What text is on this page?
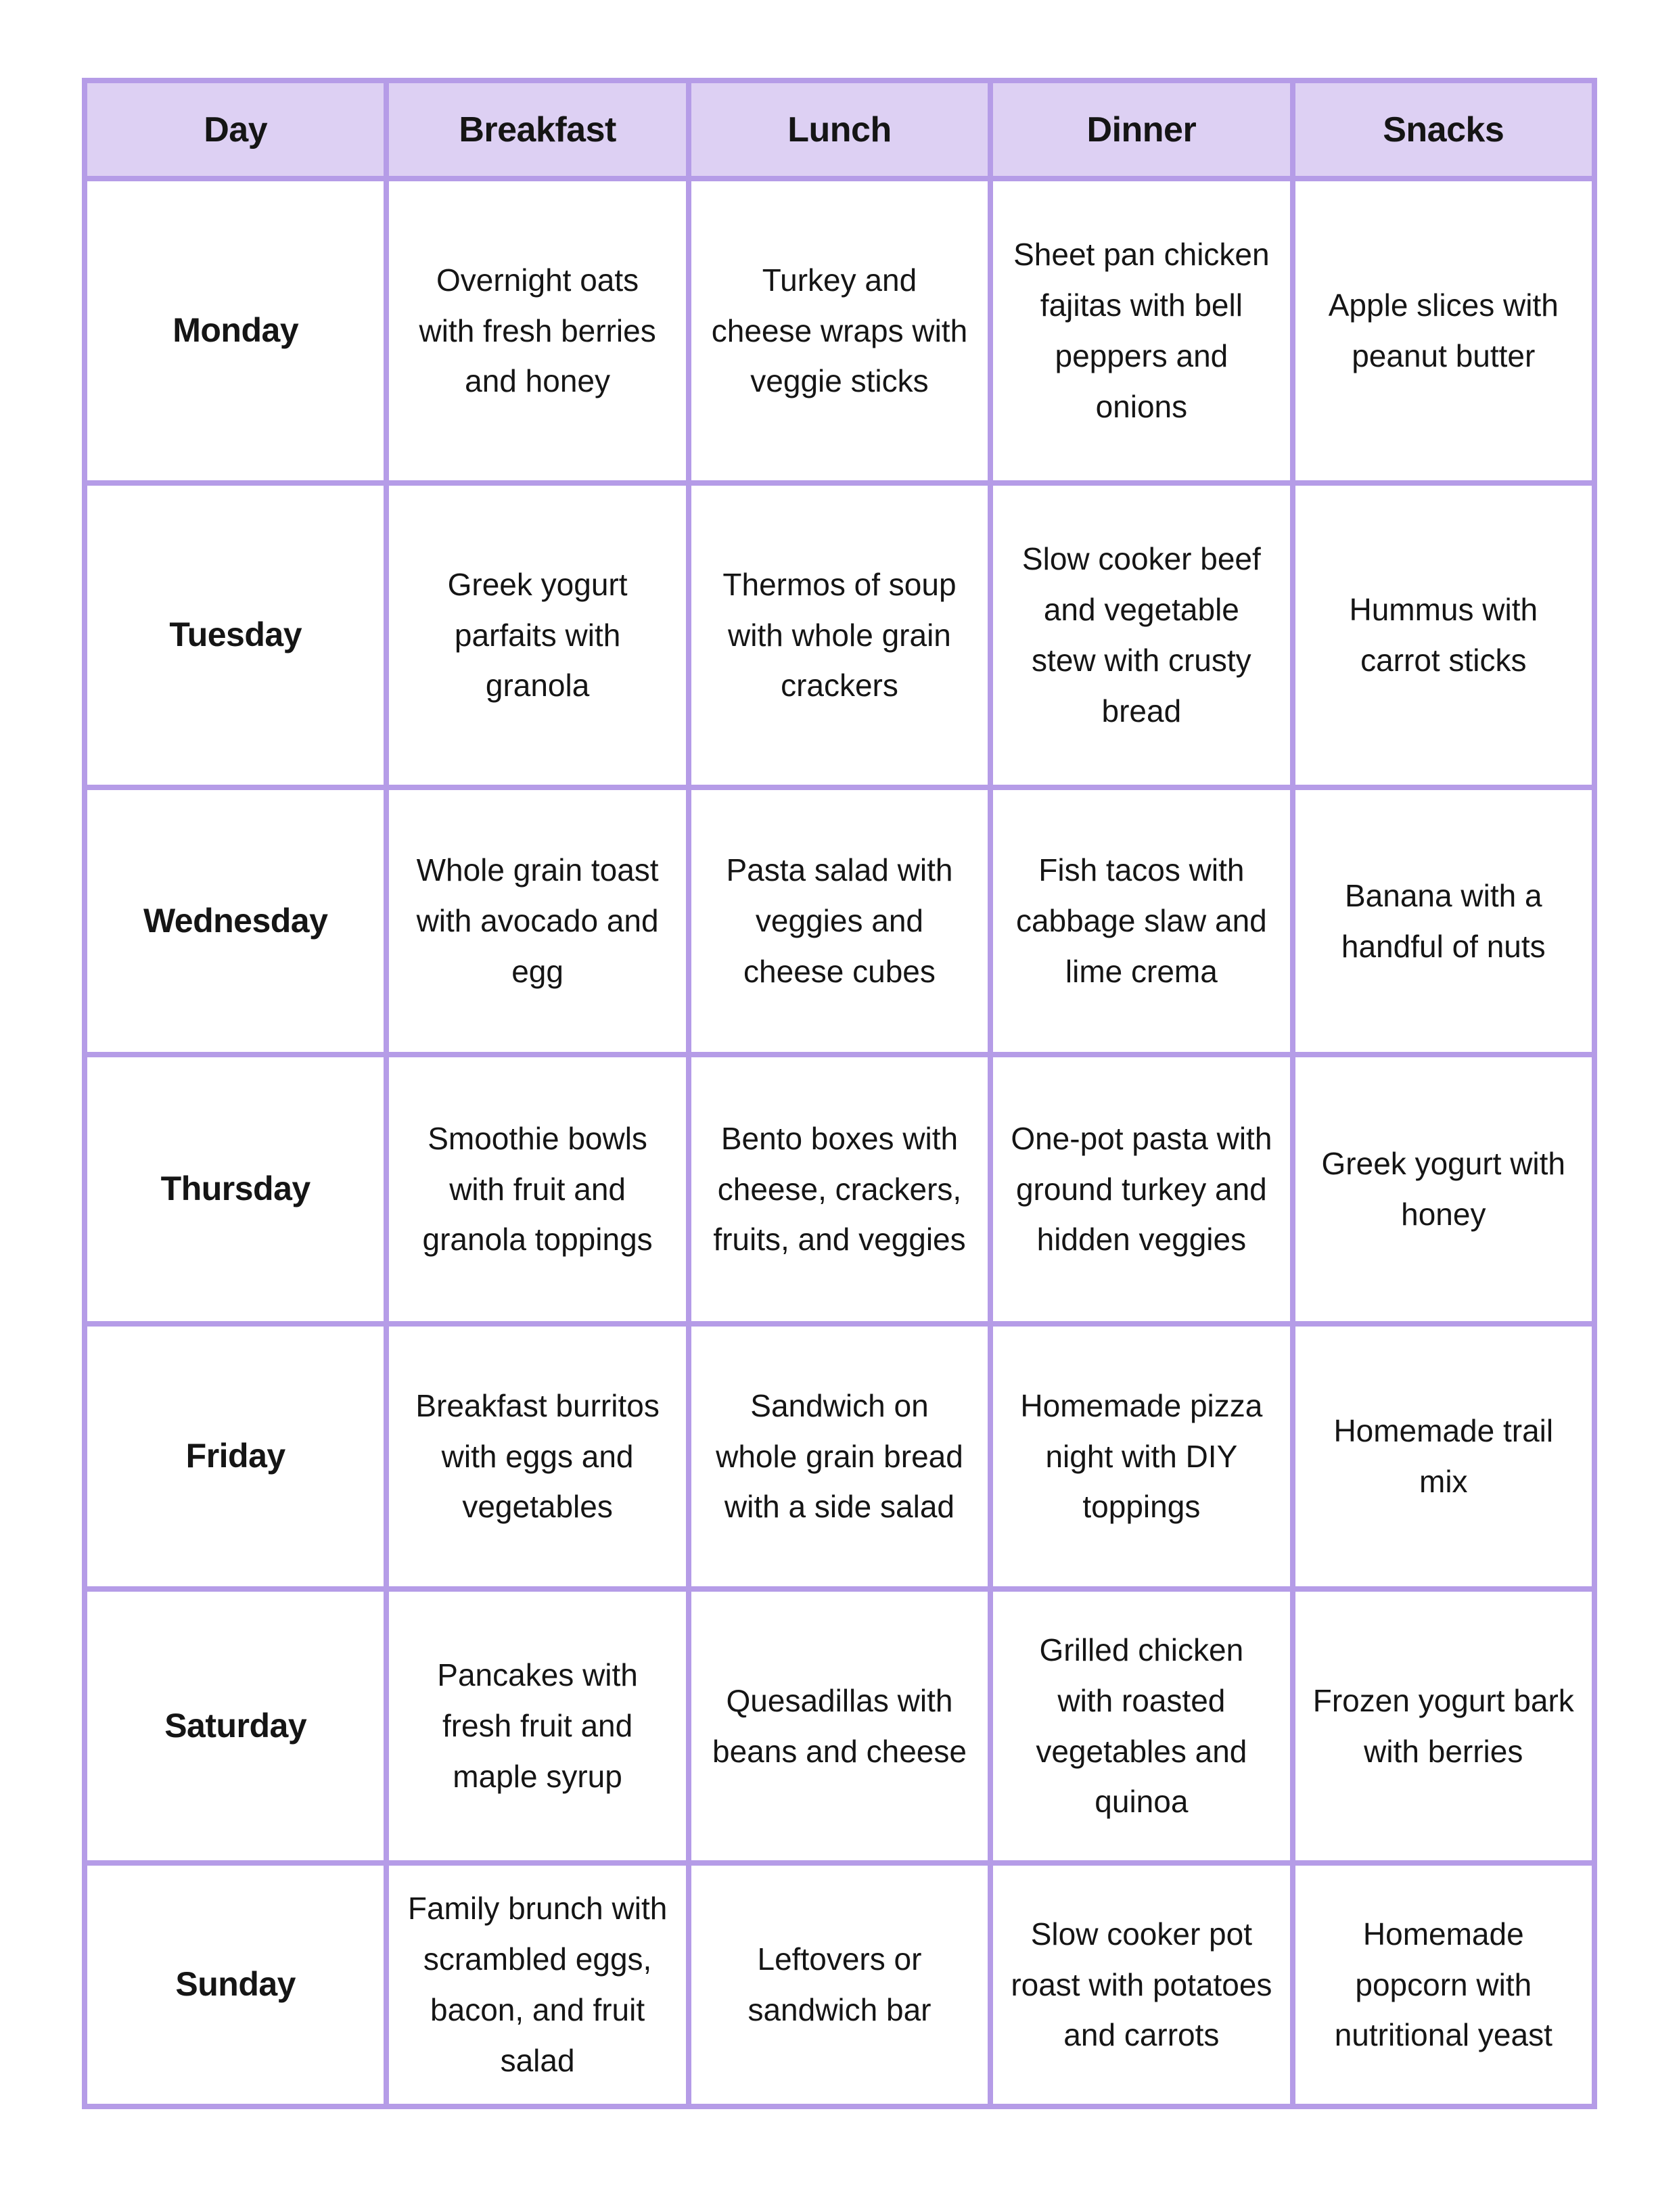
Day	Breakfast	Lunch	Dinner	Snacks
Monday	Overnight oats with fresh berries and honey	Turkey and cheese wraps with veggie sticks	Sheet pan chicken fajitas with bell peppers and onions	Apple slices with peanut butter
Tuesday	Greek yogurt parfaits with granola	Thermos of soup with whole grain crackers	Slow cooker beef and vegetable stew with crusty bread	Hummus with carrot sticks
Wednesday	Whole grain toast with avocado and egg	Pasta salad with veggies and cheese cubes	Fish tacos with cabbage slaw and lime crema	Banana with a handful of nuts
Thursday	Smoothie bowls with fruit and granola toppings	Bento boxes with cheese, crackers, fruits, and veggies	One-pot pasta with ground turkey and hidden veggies	Greek yogurt with honey
Friday	Breakfast burritos with eggs and vegetables	Sandwich on whole grain bread with a side salad	Homemade pizza night with DIY toppings	Homemade trail mix
Saturday	Pancakes with fresh fruit and maple syrup	Quesadillas with beans and cheese	Grilled chicken with roasted vegetables and quinoa	Frozen yogurt bark with berries
Sunday	Family brunch with scrambled eggs, bacon, and fruit salad	Leftovers or sandwich bar	Slow cooker pot roast with potatoes and carrots	Homemade popcorn with nutritional yeast
